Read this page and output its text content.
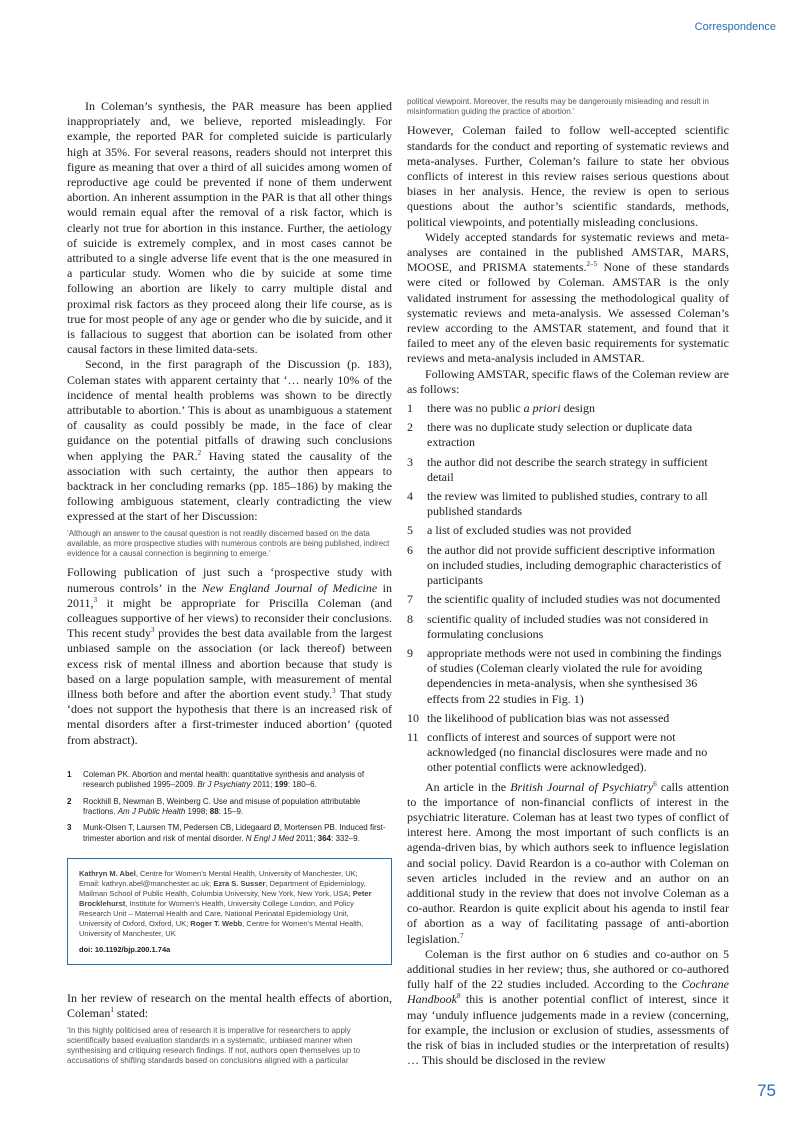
Correspondence

In Coleman’s synthesis, the PAR measure has been applied inappropriately and, we believe, reported misleadingly. For example, the reported PAR for completed suicide is particularly high at 35%. For several reasons, readers should not interpret this figure as meaning that over a third of all suicides among women of reproductive age could be prevented if none of them underwent abortion. An inherent assumption in the PAR is that all other things would remain equal after the removal of a risk factor, which is clearly not true for abortion in this instance. Further, the aetiology of suicide is extremely complex, and in most cases cannot be attributed to a single adverse life event that is the one measured in a particular study. Women who die by suicide at some time following an abortion are likely to carry multiple distal and proximal risk factors as they proceed along their life course, as is true for most people of any age or gender who die by suicide, and it is fallacious to suggest that abortion can be isolated from other causal factors in these limited data-sets.

Second, in the first paragraph of the Discussion (p. 183), Coleman states with apparent certainty that ‘… nearly 10% of the incidence of mental health problems was shown to be directly attributable to abortion.’ This is about as unambiguous a statement of causality as could possibly be made, in the face of clear guidance on the potential pitfalls of drawing such conclusions when applying the PAR.$^2$ Having stated the causality of the association with such certainty, the author then appears to backtrack in her concluding remarks (pp. 185–186) by making the following ambiguous statement, clearly contradicting the view expressed at the start of her Discussion:

‘Although an answer to the causal question is not readily discerned based on the data available, as more prospective studies with numerous controls are being published, indirect evidence for a causal connection is beginning to emerge.’

Following publication of just such a ‘prospective study with numerous controls’ in the New England Journal of Medicine in 2011,$^3$ it might be appropriate for Priscilla Coleman (and colleagues supportive of her views) to reconsider their conclusions. This recent study$^3$ provides the best data available from the largest unbiased sample on the association (or lack thereof) between excess risk of mental illness and abortion because that study is based on a large population sample, with measurement of mental illness both before and after the abortion event study.$^3$ That study ‘does not support the hypothesis that there is an increased risk of mental disorders after a first-trimester induced abortion’ (quoted from abstract).

1	Coleman PK. Abortion and mental health: quantitative synthesis and analysis of research published 1995–2009. Br J Psychiatry 2011; 199: 180–6.
2	Rockhill B, Newman B, Weinberg C. Use and misuse of population attributable fractions. Am J Public Health 1998; 88: 15–9.
3	Munk-Olsen T, Laursen TM, Pedersen CB, Lidegaard Ø, Mortensen PB. Induced first-trimester abortion and risk of mental disorder. N Engl J Med 2011; 364: 332–9.

Kathryn M. Abel, Centre for Women’s Mental Health, University of Manchester, UK; Email: kathryn.abel@manchester.ac.uk; Ezra S. Susser, Department of Epidemiology, Mailman School of Public Health, Columbia University, New York, New York, USA; Peter Brocklehurst, Institute for Women’s Health, University College London, and Policy Research Unit – Maternal Health and Care, National Perinatal Epidemiology Unit, University of Oxford, Oxford, UK; Roger T. Webb, Centre for Women’s Mental Health, University of Manchester, UK

doi: 10.1192/bjp.200.1.74a

In her review of research on the mental health effects of abortion, Coleman$^1$ stated:

‘In this highly politicised area of research it is imperative for researchers to apply scientifically based evaluation standards in a systematic, unbiased manner when synthesising and critiquing research findings. If not, authors open themselves up to accusations of shifting standards based on conclusions aligned with a particular

political viewpoint. Moreover, the results may be dangerously misleading and result in misinformation guiding the practice of abortion.’

However, Coleman failed to follow well-accepted scientific standards for the conduct and reporting of systematic reviews and meta-analyses. Further, Coleman’s failure to state her obvious conflicts of interest in this review raises serious questions about biases in her analysis. Hence, the review is open to serious questions about the author’s scientific standards, methods, political viewpoints, and potentially misleading conclusions.

Widely accepted standards for systematic reviews and meta-analyses are contained in the published AMSTAR, MARS, MOOSE, and PRISMA statements.$^{2-5}$ None of these standards were cited or followed by Coleman. AMSTAR is the only validated instrument for assessing the methodological quality of systematic reviews and meta-analysis. We assessed Coleman’s review according to the AMSTAR statement, and found that it failed to meet any of the eleven basic requirements for systematic reviews and meta-analysis included in AMSTAR.

Following AMSTAR, specific flaws of the Coleman review are as follows:

1	there was no public a priori design
2	there was no duplicate study selection or duplicate data extraction
3	the author did not describe the search strategy in sufficient detail
4	the review was limited to published studies, contrary to all published standards
5	a list of excluded studies was not provided
6	the author did not provide sufficient descriptive information on included studies, including demographic characteristics of participants
7	the scientific quality of included studies was not documented
8	scientific quality of included studies was not considered in formulating conclusions
9	appropriate methods were not used in combining the findings of studies (Coleman clearly violated the rule for avoiding dependencies in meta-analysis, when she synthesised 36 effects from 22 studies in Fig. 1)
10 the likelihood of publication bias was not assessed
11 conflicts of interest and sources of support were not acknowledged (no financial disclosures were made and no other potential conflicts were acknowledged).

An article in the British Journal of Psychiatry$^6$ calls attention to the importance of non-financial conflicts of interest in the psychiatric literature. Coleman has at least two types of conflict of interest here. Among the most important of such conflicts is an agenda-driven bias, by which authors seek to influence legislation and social policy. David Reardon is a co-author with Coleman on seven articles included in the review and an author on an additional study in the review that does not involve Coleman as a co-author. Reardon is quite explicit about his agenda to instil fear of abortion as a way of facilitating passage of anti-abortion legislation.$^7$

Coleman is the first author on 6 studies and co-author on 5 additional studies in her review; thus, she authored or co-authored fully half of the 22 studies included. According to the Cochrane Handbook$^8$ this is another potential conflict of interest, since it may ‘unduly influence judgements made in a review (concerning, for example, the inclusion or exclusion of studies, assessments of the risk of bias in included studies or the interpretation of results) … This should be disclosed in the review

75
